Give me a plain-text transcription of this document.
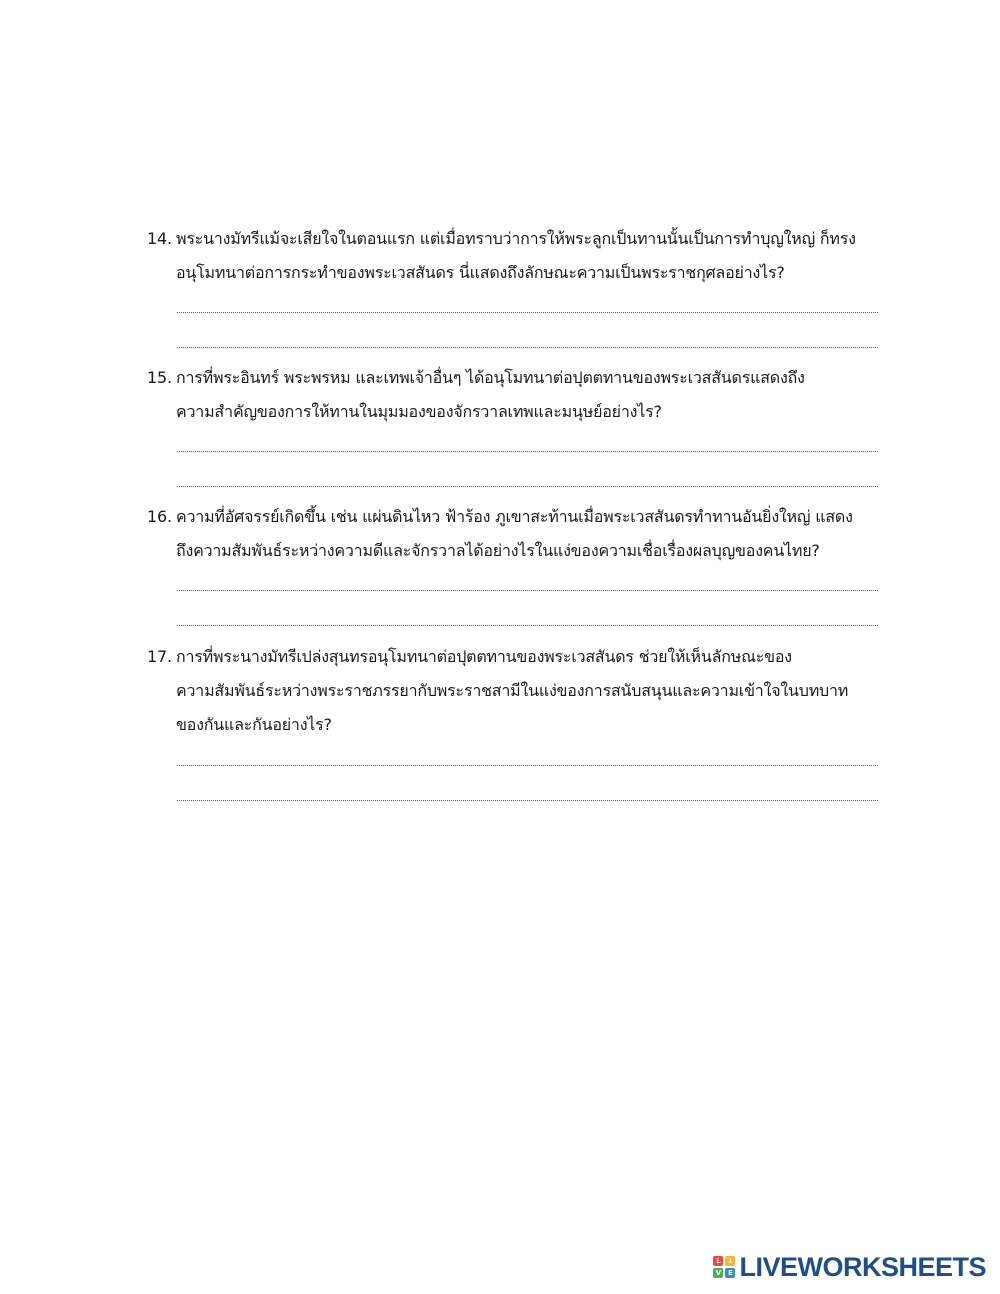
14. พระนางมัทรีแม้จะเสียใจในตอนแรก แต่เมื่อทราบว่าการให้พระลูกเป็นทานนั้นเป็นการทำบุญใหญ่ ก็ทรง
อนุโมทนาต่อการกระทำของพระเวสสันดร นี่แสดงถึงลักษณะความเป็นพระราชกุศลอย่างไร?
15. การที่พระอินทร์ พระพรหม และเทพเจ้าอื่นๆ ได้อนุโมทนาต่อปุตตทานของพระเวสสันดรแสดงถึง
ความสำคัญของการให้ทานในมุมมองของจักรวาลเทพและมนุษย์อย่างไร?
16. ความที่อัศจรรย์เกิดขึ้น เช่น แผ่นดินไหว ฟ้าร้อง ภูเขาสะท้านเมื่อพระเวสสันดรทำทานอันยิ่งใหญ่ แสดง
ถึงความสัมพันธ์ระหว่างความดีและจักรวาลได้อย่างไรในแง่ของความเชื่อเรื่องผลบุญของคนไทย?
17. การที่พระนางมัทรีเปล่งสุนทรอนุโมทนาต่อปุตตทานของพระเวสสันดร ช่วยให้เห็นลักษณะของ
ความสัมพันธ์ระหว่างพระราชภรรยากับพระราชสามีในแง่ของการสนับสนุนและความเข้าใจในบทบาท
ของกันและกันอย่างไร?
L	I
V E LIVEWORKSHEETS
